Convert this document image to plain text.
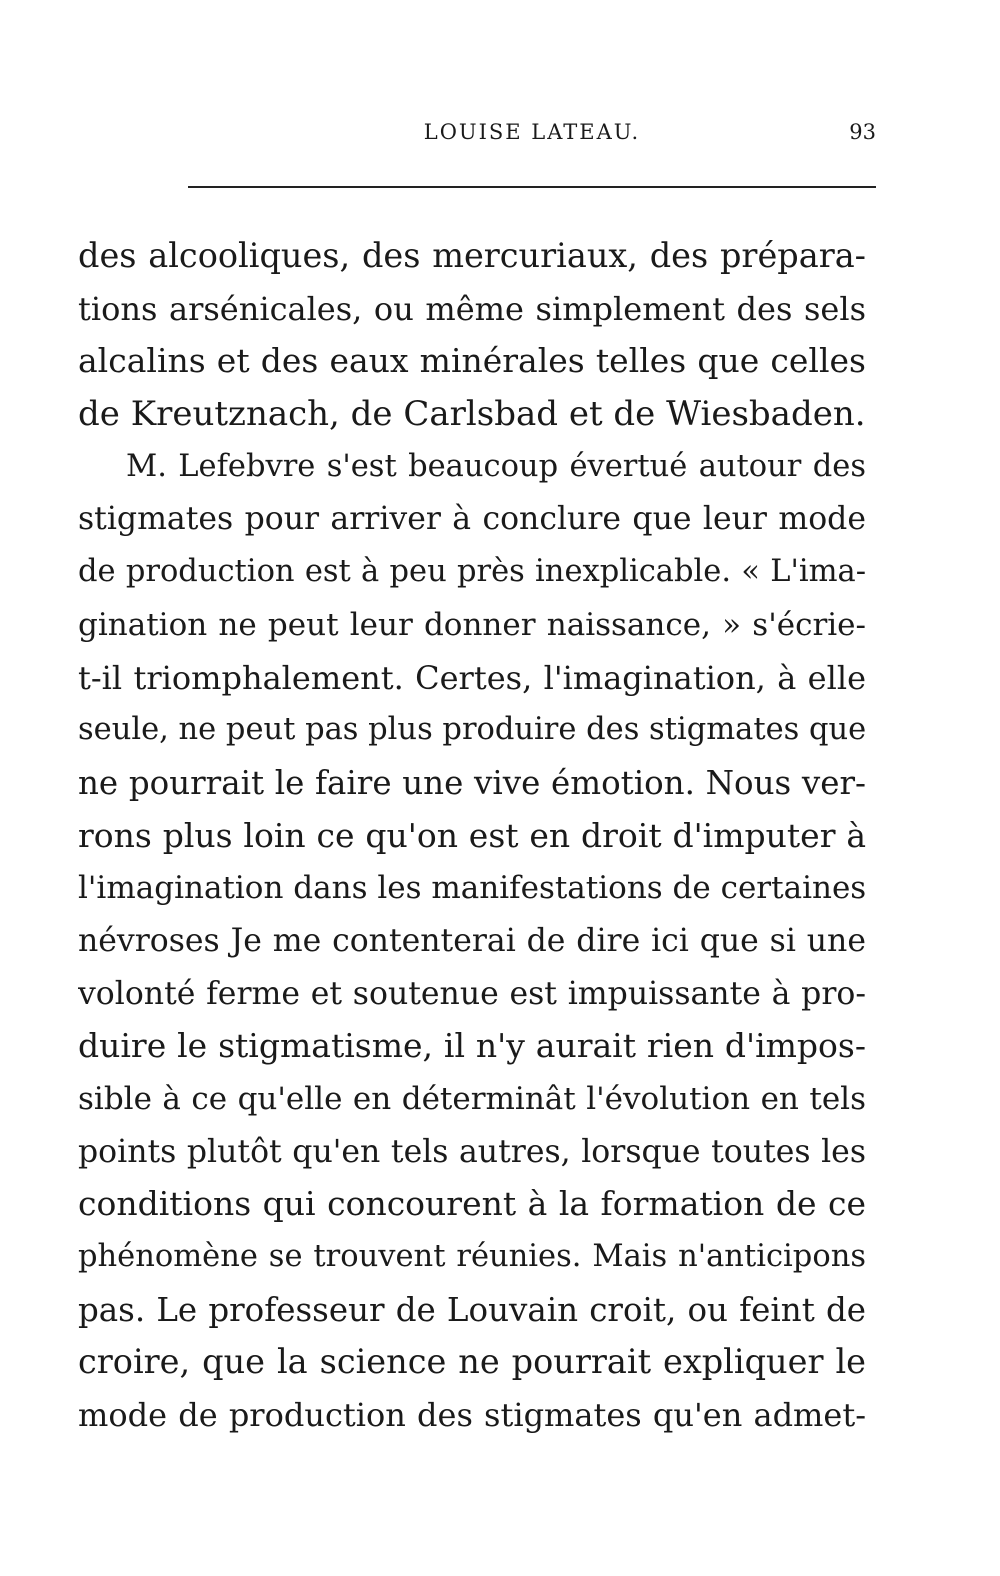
LOUISE LATEAU.	93
des alcooliques, des mercuriaux, des prépara-
tions arsénicales, ou même simplement des sels
alcalins et des eaux minérales telles que celles
de Kreutznach, de Carlsbad et de Wiesbaden.
M. Lefebvre s'est beaucoup évertué autour des
stigmates pour arriver à conclure que leur mode
de production est à peu près inexplicable. « L'ima-
gination ne peut leur donner naissance, » s'écrie-
t-il triomphalement. Certes, l'imagination, à elle
seule, ne peut pas plus produire des stigmates que
ne pourrait le faire une vive émotion. Nous ver-
rons plus loin ce qu'on est en droit d'imputer à
l'imagination dans les manifestations de certaines
névroses Je me contenterai de dire ici que si une
volonté ferme et soutenue est impuissante à pro-
duire le stigmatisme, il n'y aurait rien d'impos-
sible à ce qu'elle en déterminât l'évolution en tels
points plutôt qu'en tels autres, lorsque toutes les
conditions qui concourent à la formation de ce
phénomène se trouvent réunies. Mais n'anticipons
pas. Le professeur de Louvain croit, ou feint de
croire, que la science ne pourrait expliquer le
mode de production des stigmates qu'en admet-
